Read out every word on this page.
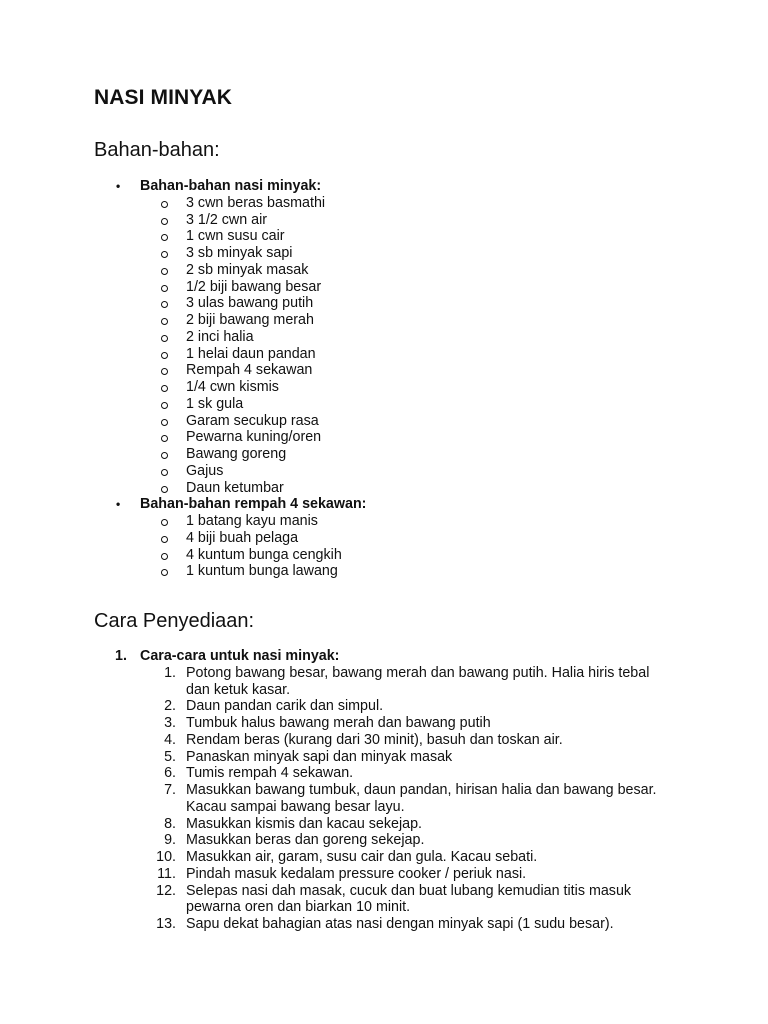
NASI MINYAK
Bahan-bahan:
• Bahan-bahan nasi minyak:
3 cwn beras basmathi
3 1/2 cwn air
1 cwn susu cair
3 sb minyak sapi
2 sb minyak masak
1/2 biji bawang besar
3 ulas bawang putih
2 biji bawang merah
2 inci halia
1 helai daun pandan
Rempah 4 sekawan
1/4 cwn kismis
1 sk gula
Garam secukup rasa
Pewarna kuning/oren
Bawang goreng
Gajus
Daun ketumbar
• Bahan-bahan rempah 4 sekawan:
1 batang kayu manis
4 biji buah pelaga
4 kuntum bunga cengkih
1 kuntum bunga lawang
Cara Penyediaan:
1. Cara-cara untuk nasi minyak:
1. Potong bawang besar, bawang merah dan bawang putih. Halia hiris tebal dan ketuk kasar.
2. Daun pandan carik dan simpul.
3. Tumbuk halus bawang merah dan bawang putih
4. Rendam beras (kurang dari 30 minit), basuh dan toskan air.
5. Panaskan minyak sapi dan minyak masak
6. Tumis rempah 4 sekawan.
7. Masukkan bawang tumbuk, daun pandan, hirisan halia dan bawang besar. Kacau sampai bawang besar layu.
8. Masukkan kismis dan kacau sekejap.
9. Masukkan beras dan goreng sekejap.
10. Masukkan air, garam, susu cair dan gula. Kacau sebati.
11. Pindah masuk kedalam pressure cooker / periuk nasi.
12. Selepas nasi dah masak, cucuk dan buat lubang kemudian titis masuk pewarna oren dan biarkan 10 minit.
13. Sapu dekat bahagian atas nasi dengan minyak sapi (1 sudu besar).
